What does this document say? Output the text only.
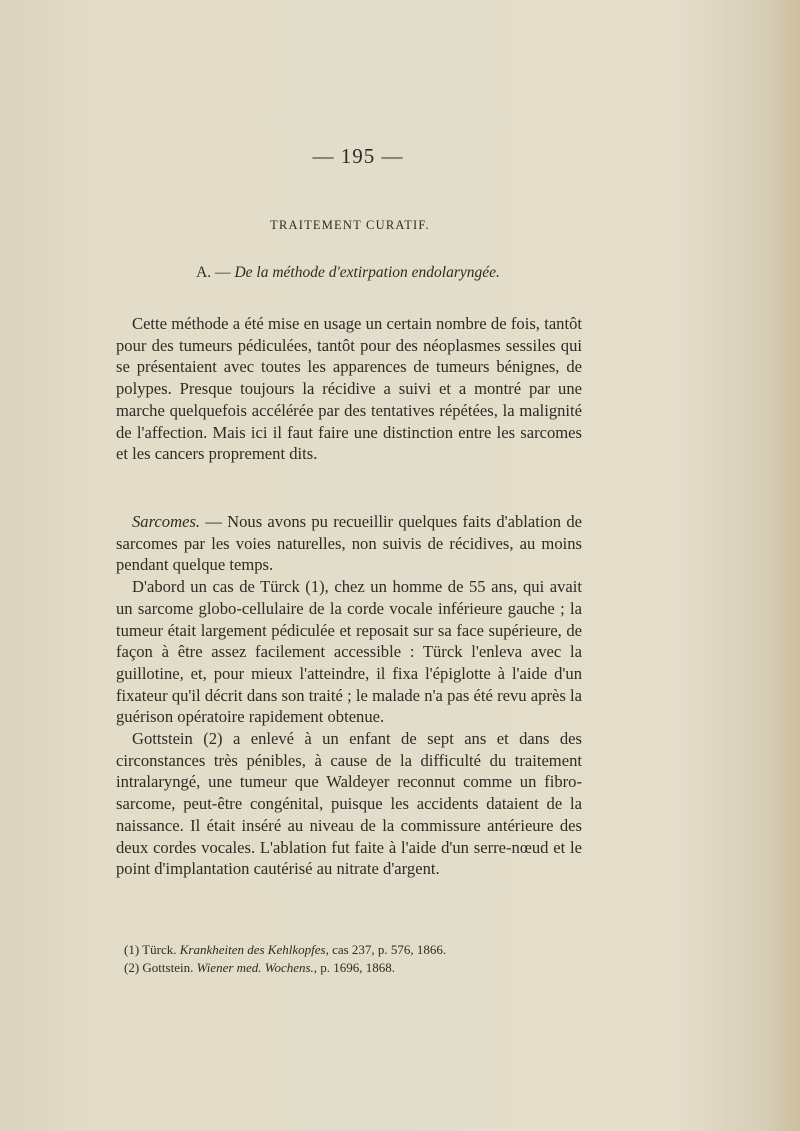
— 195 —
TRAITEMENT CURATIF.
A. — De la méthode d'extirpation endolaryngée.

Cette méthode a été mise en usage un certain nombre de fois, tantôt pour des tumeurs pédiculées, tantôt pour des néoplasmes sessiles qui se présentaient avec toutes les apparences de tumeurs bénignes, de polypes. Presque toujours la récidive a suivi et a montré par une marche quelquefois accélérée par des tentatives répétées, la malignité de l'affection. Mais ici il faut faire une distinction entre les sarcomes et les cancers proprement dits.

Sarcomes. — Nous avons pu recueillir quelques faits d'ablation de sarcomes par les voies naturelles, non suivis de récidives, au moins pendant quelque temps.

D'abord un cas de Türck (1), chez un homme de 55 ans, qui avait un sarcome globo-cellulaire de la corde vocale inférieure gauche ; la tumeur était largement pédiculée et reposait sur sa face supérieure, de façon à être assez facilement accessible : Türck l'enleva avec la guillotine, et, pour mieux l'atteindre, il fixa l'épiglotte à l'aide d'un fixateur qu'il décrit dans son traité ; le malade n'a pas été revu après la guérison opératoire rapidement obtenue.

Gottstein (2) a enlevé à un enfant de sept ans et dans des circonstances très pénibles, à cause de la difficulté du traitement intralaryngé, une tumeur que Waldeyer reconnut comme un fibro-sarcome, peut-être congénital, puisque les accidents dataient de la naissance. Il était inséré au niveau de la commissure antérieure des deux cordes vocales. L'ablation fut faite à l'aide d'un serre-nœud et le point d'implantation cautérisé au nitrate d'argent.

(1) Türck. Krankheiten des Kehlkopfes, cas 237, p. 576, 1866.
(2) Gottstein. Wiener med. Wochens., p. 1696, 1868.
